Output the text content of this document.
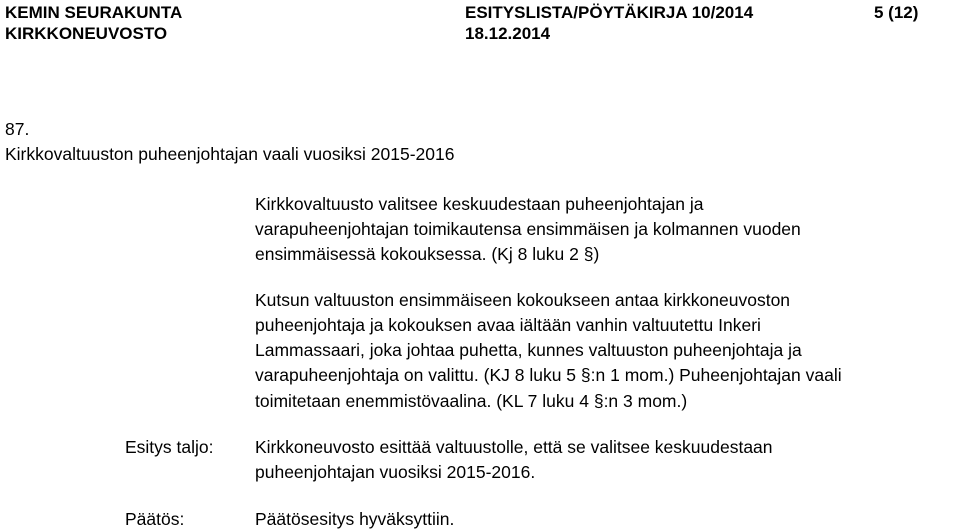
KEMIN SEURAKUNTA
KIRKKONEUVOSTO
ESITYSLISTA/PÖYTÄKIRJA 10/2014
18.12.2014
5 (12)
87.
Kirkkovaltuuston puheenjohtajan vaali vuosiksi 2015-2016
Kirkkovaltuusto valitsee keskuudestaan puheenjohtajan ja
varapuheenjohtajan toimikautensa ensimmäisen ja kolmannen vuoden
ensimmäisessä kokouksessa. (Kj 8 luku 2 §)
Kutsun valtuuston ensimmäiseen kokoukseen antaa kirkkoneuvoston
puheenjohtaja ja kokouksen avaa iältään vanhin valtuutettu Inkeri
Lammassaari, joka johtaa puhetta, kunnes valtuuston puheenjohtaja ja
varapuheenjohtaja on valittu. (KJ 8 luku 5 §:n 1 mom.) Puheenjohtajan vaali
toimitetaan enemmistövaalina. (KL 7 luku 4 §:n 3 mom.)
Esitys taljo: Kirkkoneuvosto esittää valtuustolle, että se valitsee keskuudestaan
puheenjohtajan vuosiksi 2015-2016.
Päätös:	Päätösesitys hyväksyttiin.
